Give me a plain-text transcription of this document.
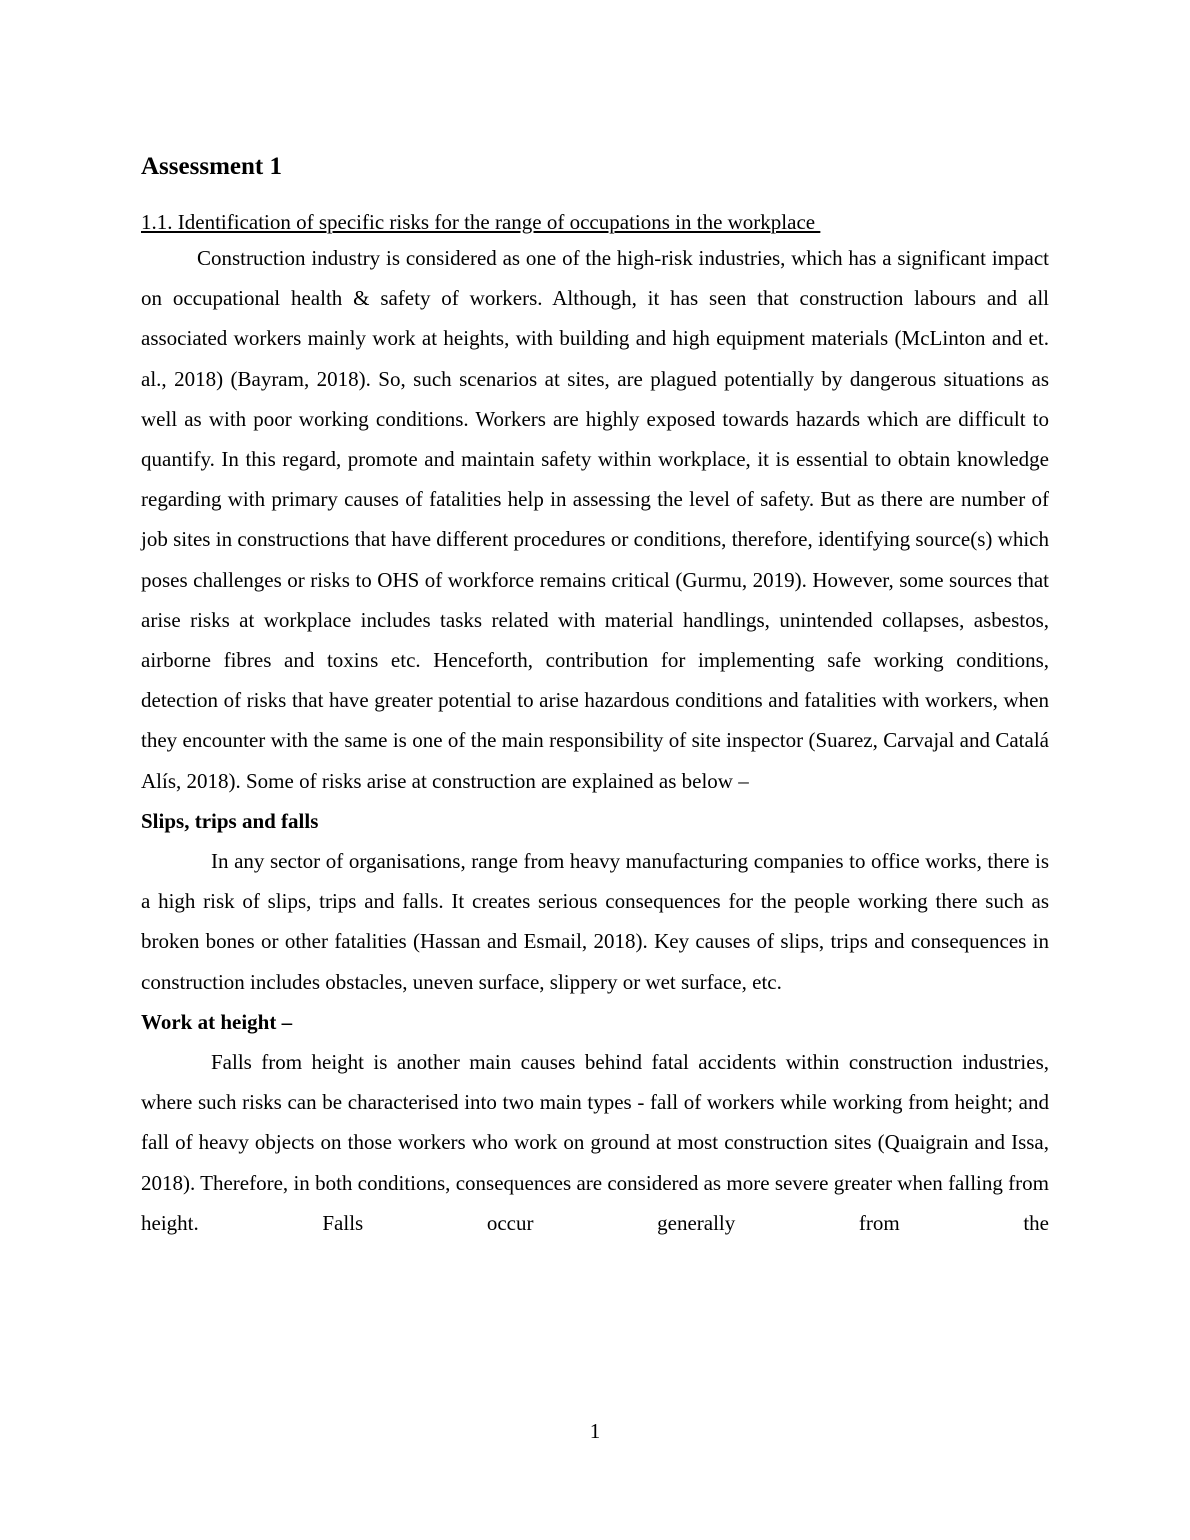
Assessment 1
1.1. Identification of specific risks for the range of occupations in the workplace

Construction industry is considered as one of the high-risk industries, which has a significant impact on occupational health & safety of workers. Although, it has seen that construction labours and all associated workers mainly work at heights, with building and high equipment materials (McLinton and et. al., 2018) (Bayram, 2018). So, such scenarios at sites, are plagued potentially by dangerous situations as well as with poor working conditions. Workers are highly exposed towards hazards which are difficult to quantify. In this regard, promote and maintain safety within workplace, it is essential to obtain knowledge regarding with primary causes of fatalities help in assessing the level of safety. But as there are number of job sites in constructions that have different procedures or conditions, therefore, identifying source(s) which poses challenges or risks to OHS of workforce remains critical (Gurmu, 2019). However, some sources that arise risks at workplace includes tasks related with material handlings, unintended collapses, asbestos, airborne fibres and toxins etc. Henceforth, contribution for implementing safe working conditions, detection of risks that have greater potential to arise hazardous conditions and fatalities with workers, when they encounter with the same is one of the main responsibility of site inspector (Suarez, Carvajal and Catalá Alís, 2018). Some of risks arise at construction are explained as below –

Slips, trips and falls

In any sector of organisations, range from heavy manufacturing companies to office works, there is a high risk of slips, trips and falls. It creates serious consequences for the people working there such as broken bones or other fatalities (Hassan and Esmail, 2018). Key causes of slips, trips and consequences in construction includes obstacles, uneven surface, slippery or wet surface, etc.

Work at height –

Falls from height is another main causes behind fatal accidents within construction industries, where such risks can be characterised into two main types - fall of workers while working from height; and fall of heavy objects on those workers who work on ground at most construction sites (Quaigrain and Issa, 2018). Therefore, in both conditions, consequences are considered as more severe greater when falling from height. Falls occur generally from the

1
